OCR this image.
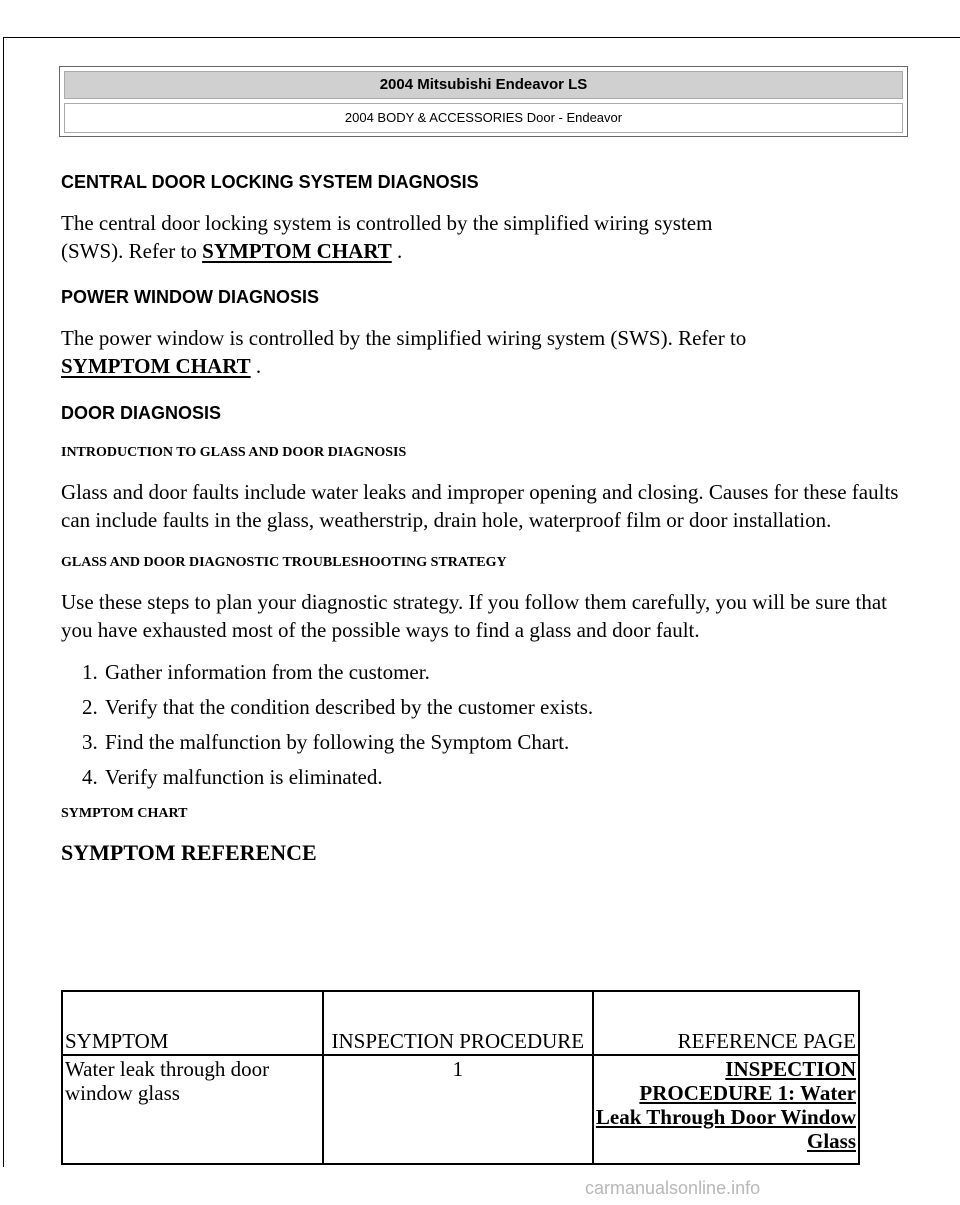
2004 Mitsubishi Endeavor LS
2004 BODY & ACCESSORIES Door - Endeavor
CENTRAL DOOR LOCKING SYSTEM DIAGNOSIS

The central door locking system is controlled by the simplified wiring system
(SWS). Refer to SYMPTOM CHART .

POWER WINDOW DIAGNOSIS

The power window is controlled by the simplified wiring system (SWS). Refer to
SYMPTOM CHART .

DOOR DIAGNOSIS
INTRODUCTION TO GLASS AND DOOR DIAGNOSIS

Glass and door faults include water leaks and improper opening and closing. Causes for these faults can include faults in the glass, weatherstrip, drain hole, waterproof film or door installation.

GLASS AND DOOR DIAGNOSTIC TROUBLESHOOTING STRATEGY

Use these steps to plan your diagnostic strategy. If you follow them carefully, you will be sure that you have exhausted most of the possible ways to find a glass and door fault.

1. Gather information from the customer.
2. Verify that the condition described by the customer exists.
3. Find the malfunction by following the Symptom Chart.
4. Verify malfunction is eliminated.
SYMPTOM CHART

SYMPTOM REFERENCE

SYMPTOM	INSPECTION PROCEDURE	REFERENCE PAGE
Water leak through door window glass	1	INSPECTION PROCEDURE 1: Water Leak Through Door Window Glass
carmanualsonline.info
